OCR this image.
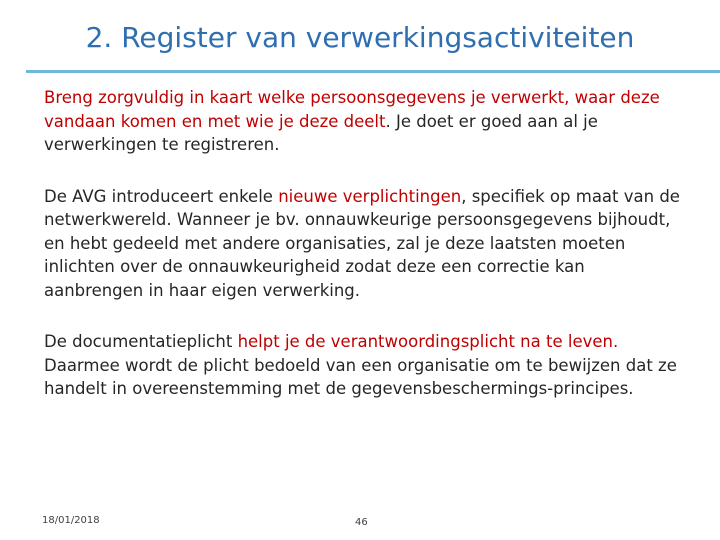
2. Register van verwerkingsactiviteiten

Breng zorgvuldig in kaart welke persoonsgegevens je verwerkt, waar deze vandaan komen en met wie je deze deelt. Je doet er goed aan al je verwerkingen te registreren.

De AVG introduceert enkele nieuwe verplichtingen, specifiek op maat van de netwerkwereld. Wanneer je bv. onnauwkeurige persoonsgegevens bijhoudt, en hebt gedeeld met andere organisaties, zal je deze laatsten moeten inlichten over de onnauwkeurigheid zodat deze een correctie kan aanbrengen in haar eigen verwerking.

De documentatieplicht helpt je de verantwoordingsplicht na te leven. Daarmee wordt de plicht bedoeld van een organisatie om te bewijzen dat ze handelt in overeenstemming met de gegevensbeschermings-principes.

18/01/2018	46
